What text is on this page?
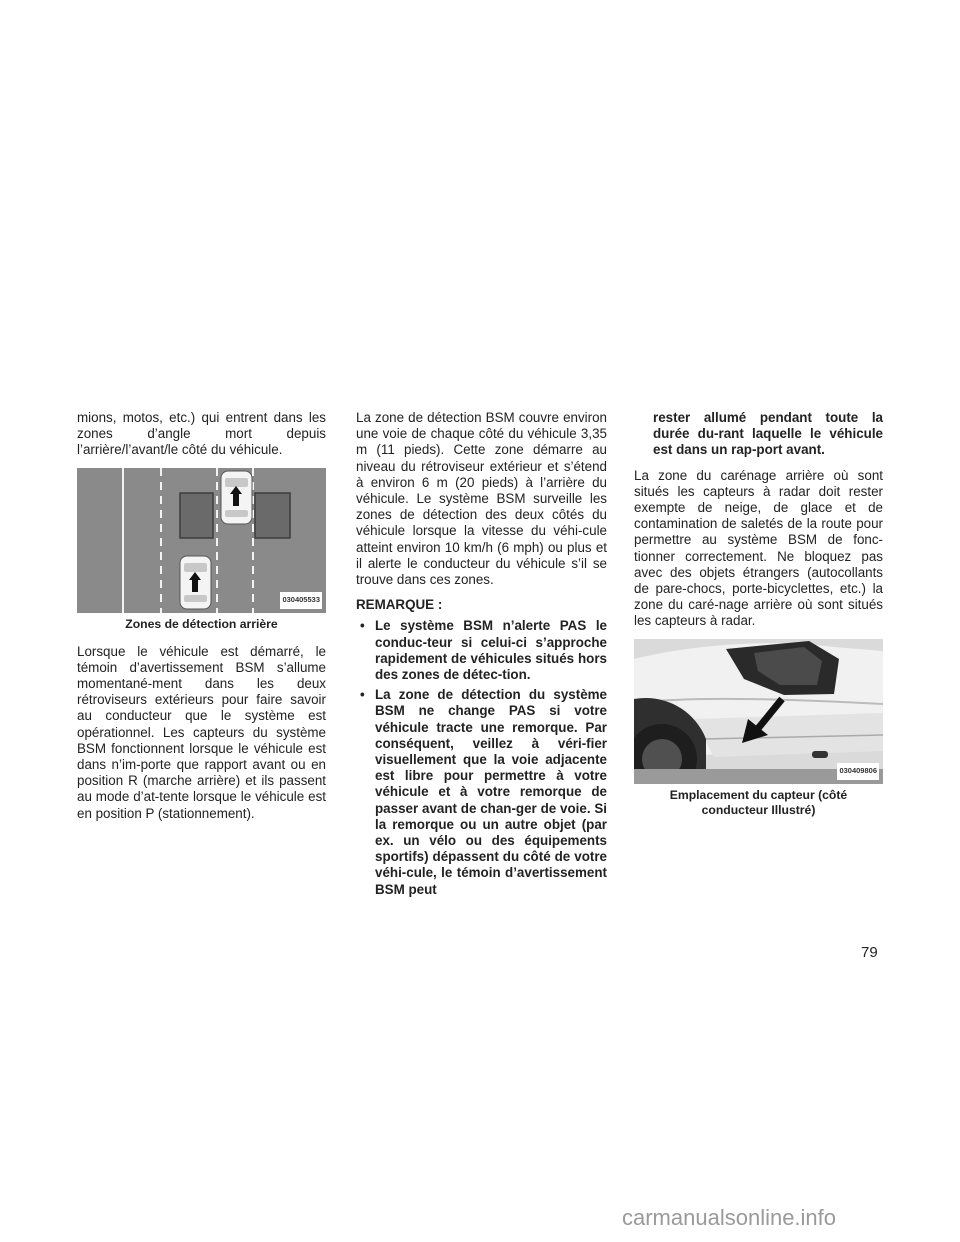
mions, motos, etc.) qui entrent dans les zones d’angle mort depuis l’arrière/l’avant/le côté du véhicule.

030405533
Zones de détection arrière

Lorsque le véhicule est démarré, le témoin d’avertissement BSM s’allume momentané-ment dans les deux rétroviseurs extérieurs pour faire savoir au conducteur que le système est opérationnel. Les capteurs du système BSM fonctionnent lorsque le véhicule est dans n’im-porte que rapport avant ou en position R (marche arrière) et ils passent au mode d’at-tente lorsque le véhicule est en position P (stationnement).

La zone de détection BSM couvre environ une voie de chaque côté du véhicule 3,35 m (11 pieds). Cette zone démarre au niveau du rétroviseur extérieur et s’étend à environ 6 m (20 pieds) à l’arrière du véhicule. Le système BSM surveille les zones de détection des deux côtés du véhicule lorsque la vitesse du véhi-cule atteint environ 10 km/h (6 mph) ou plus et il alerte le conducteur du véhicule s’il se trouve dans ces zones.

REMARQUE :
• Le système BSM n’alerte PAS le conduc-teur si celui-ci s’approche rapidement de véhicules situés hors des zones de détec-tion.
• La zone de détection du système BSM ne change PAS si votre véhicule tracte une remorque. Par conséquent, veillez à véri-fier visuellement que la voie adjacente est libre pour permettre à votre véhicule et à votre remorque de passer avant de chan-ger de voie. Si la remorque ou un autre objet (par ex. un vélo ou des équipements sportifs) dépassent du côté de votre véhi-cule, le témoin d’avertissement BSM peut
rester allumé pendant toute la durée du-rant laquelle le véhicule est dans un rap-port avant.

La zone du carénage arrière où sont situés les capteurs à radar doit rester exempte de neige, de glace et de contamination de saletés de la route pour permettre au système BSM de fonc-tionner correctement. Ne bloquez pas avec des objets étrangers (autocollants de pare-chocs, porte-bicyclettes, etc.) la zone du caré-nage arrière où sont situés les capteurs à radar.

030409806
Emplacement du capteur (côté conducteur Illustré)
79
carmanualsonline.info
